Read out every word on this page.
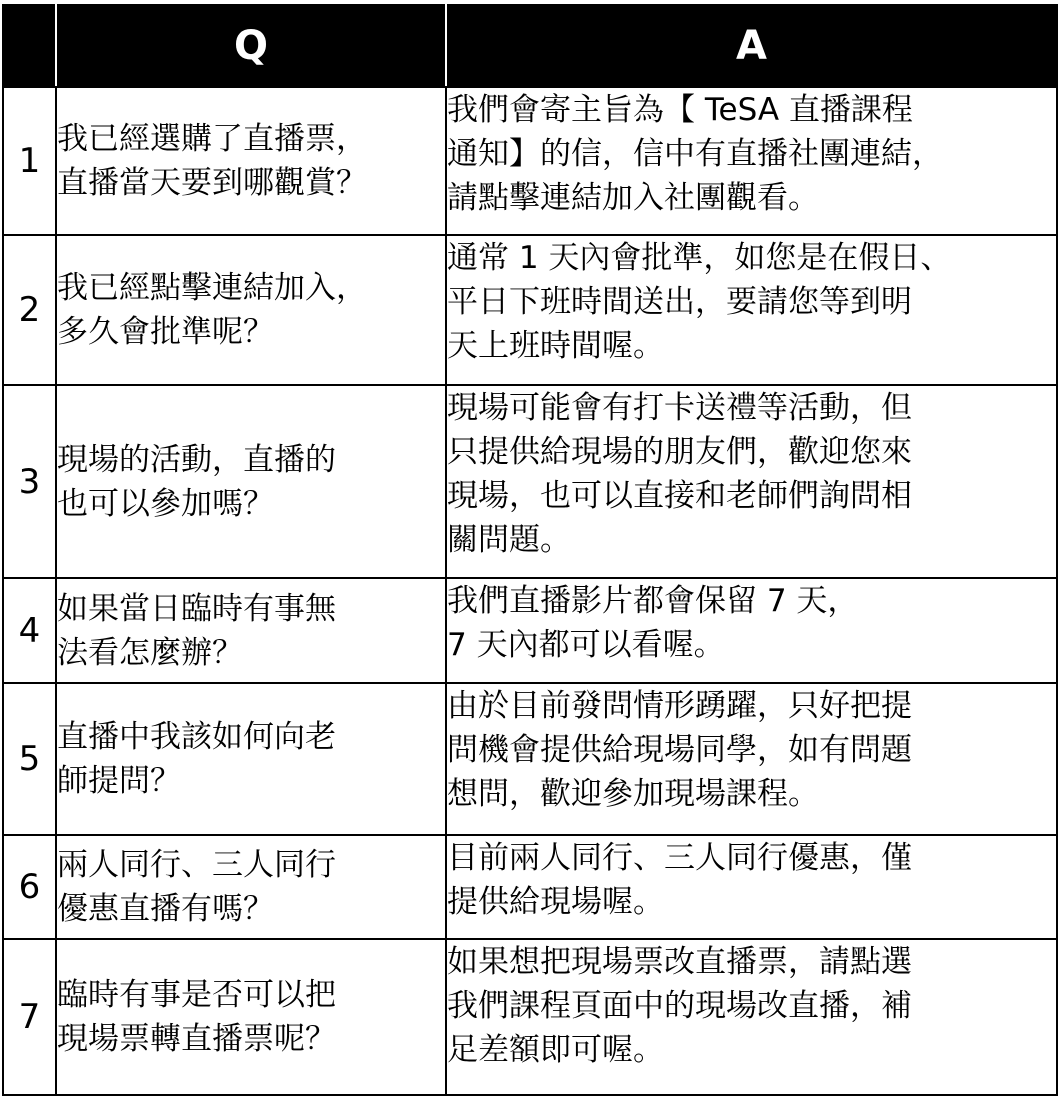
	Q	A
1	我已經選購了直播票，
直播當天要到哪觀賞？	我們會寄主旨為【 TeSA 直播課程
通知】的信，信中有直播社團連結，
請點擊連結加入社團觀看。

2	我已經點擊連結加入，
多久會批準呢？	通常 1 天內會批準，如您是在假日、
平日下班時間送出，要請您等到明
天上班時間喔。

3	現場的活動，直播的
也可以參加嗎？	現場可能會有打卡送禮等活動，但
只提供給現場的朋友們，歡迎您來
現場，也可以直接和老師們詢問相
關問題。

4	如果當日臨時有事無
法看怎麼辦？	我們直播影片都會保留 7 天，
7 天內都可以看喔。

5	直播中我該如何向老
師提問？	由於目前發問情形踴躍，只好把提
問機會提供給現場同學，如有問題
想問，歡迎參加現場課程。

6	兩人同行、三人同行
優惠直播有嗎？	目前兩人同行、三人同行優惠，僅
提供給現場喔。

7	臨時有事是否可以把
現場票轉直播票呢？	如果想把現場票改直播票，請點選
我們課程頁面中的現場改直播，補
足差額即可喔。
